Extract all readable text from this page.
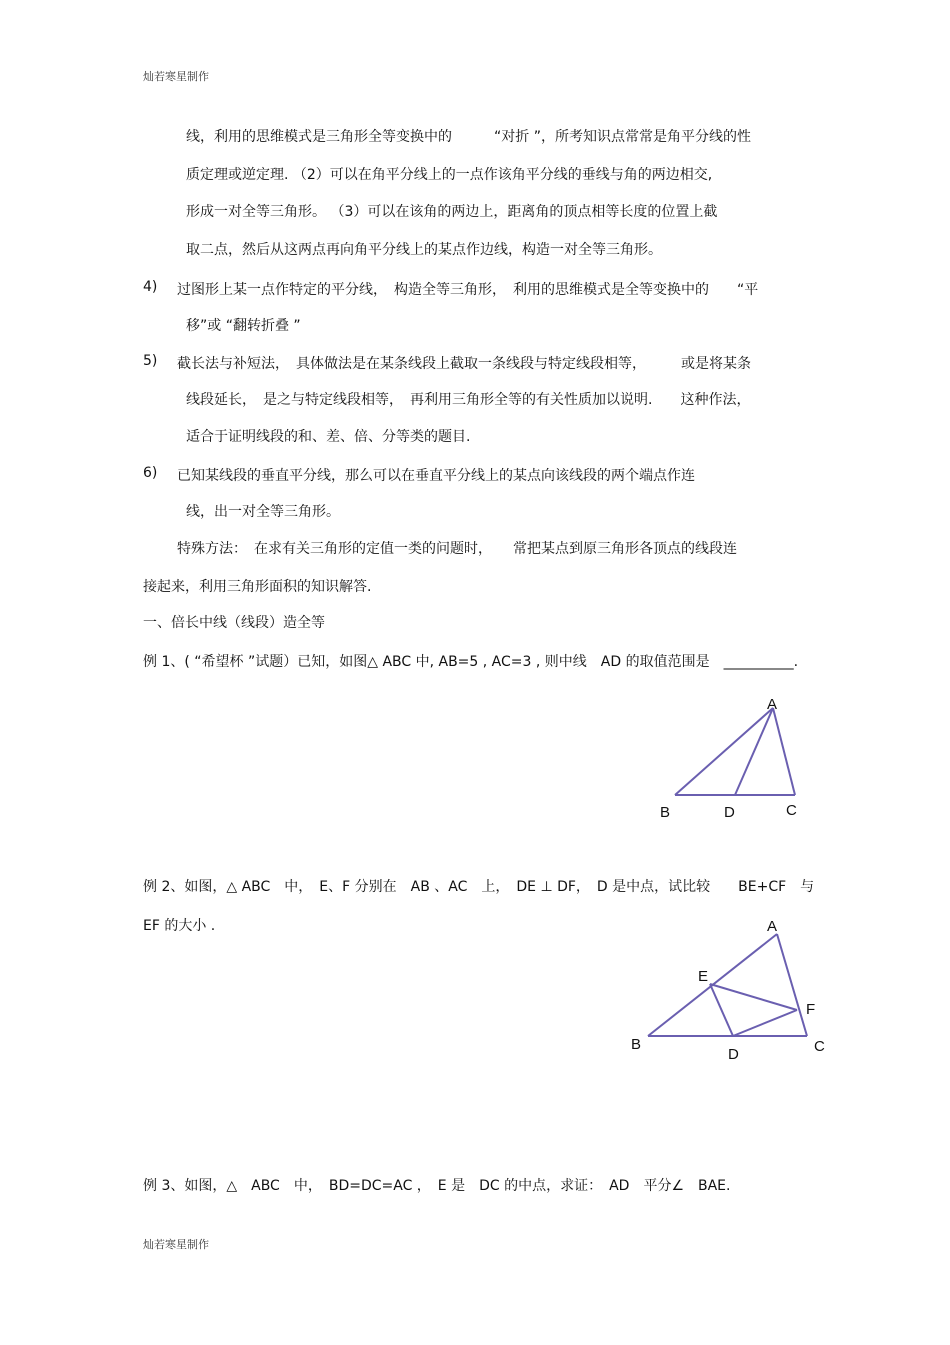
灿若寒星制作
线，利用的思维模式是三角形全等变换中的　　　“对折 ”，所考知识点常常是角平分线的性
质定理或逆定理. （2）可以在角平分线上的一点作该角平分线的垂线与角的两边相交,
形成一对全等三角形。 （3）可以在该角的两边上，距离角的顶点相等长度的位置上截
取二点，然后从这两点再向角平分线上的某点作边线，构造一对全等三角形。
4) 过图形上某一点作特定的平分线，　构造全等三角形，　利用的思维模式是全等变换中的　　“平
移”或 “翻转折叠 ”
5) 截长法与补短法，　具体做法是在某条线段上截取一条线段与特定线段相等，　　　或是将某条
线段延长，　是之与特定线段相等，　再利用三角形全等的有关性质加以说明.　　这种作法，
适合于证明线段的和、差、倍、分等类的题目.
6) 已知某线段的垂直平分线，那么可以在垂直平分线上的某点向该线段的两个端点作连
线，出一对全等三角形。
特殊方法：　在求有关三角形的定值一类的问题时，　　常把某点到原三角形各顶点的线段连
接起来，利用三角形面积的知识解答.
一、倍长中线（线段）造全等
例 1、( “希望杯 ”试题）已知，如图△ ABC 中, AB=5 , AC=3 , 则中线　AD 的取值范围是　__________.
A
B	D	C
例 2、如图，△ ABC　中，　E、F 分别在　AB 、AC　上，　DE ⊥ DF，　D 是中点，试比较　　BE+CF　与
EF 的大小 .	A
E
F
B
D	C
例 3、如图，△　ABC　中，　BD=DC=AC ，　E 是　DC 的中点，求证：　AD　平分∠　BAE.
灿若寒星制作
